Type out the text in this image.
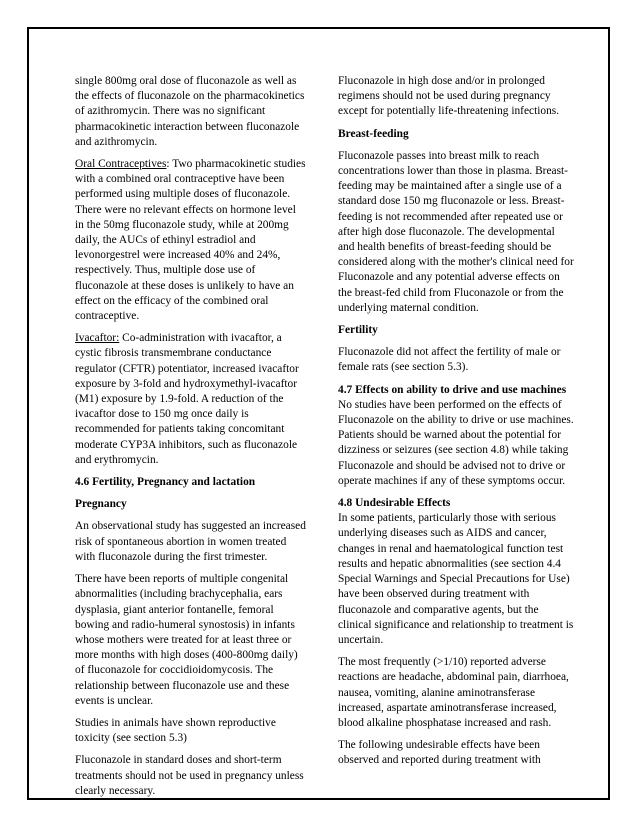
single 800mg oral dose of fluconazole as well as the effects of fluconazole on the pharmacokinetics of azithromycin. There was no significant pharmacokinetic interaction between fluconazole and azithromycin.

Oral Contraceptives: Two pharmacokinetic studies with a combined oral contraceptive have been performed using multiple doses of fluconazole. There were no relevant effects on hormone level in the 50mg fluconazole study, while at 200mg daily, the AUCs of ethinyl estradiol and levonorgestrel were increased 40% and 24%, respectively. Thus, multiple dose use of fluconazole at these doses is unlikely to have an effect on the efficacy of the combined oral contraceptive.

Ivacaftor: Co-administration with ivacaftor, a cystic fibrosis transmembrane conductance regulator (CFTR) potentiator, increased ivacaftor exposure by 3-fold and hydroxymethyl-ivacaftor (M1) exposure by 1.9-fold. A reduction of the ivacaftor dose to 150 mg once daily is recommended for patients taking concomitant moderate CYP3A inhibitors, such as fluconazole and erythromycin.

4.6 Fertility, Pregnancy and lactation
Pregnancy

An observational study has suggested an increased risk of spontaneous abortion in women treated with fluconazole during the first trimester.

There have been reports of multiple congenital abnormalities (including brachycephalia, ears dysplasia, giant anterior fontanelle, femoral bowing and radio-humeral synostosis) in infants whose mothers were treated for at least three or more months with high doses (400-800mg daily) of fluconazole for coccidioidomycosis. The relationship between fluconazole use and these events is unclear.

Studies in animals have shown reproductive toxicity (see section 5.3)

Fluconazole in standard doses and short-term treatments should not be used in pregnancy unless clearly necessary.

Fluconazole in high dose and/or in prolonged regimens should not be used during pregnancy except for potentially life-threatening infections.

Breast-feeding

Fluconazole passes into breast milk to reach concentrations lower than those in plasma. Breast- feeding may be maintained after a single use of a standard dose 150 mg fluconazole or less. Breast- feeding is not recommended after repeated use or after high dose fluconazole. The developmental and health benefits of breast-feeding should be considered along with the mother's clinical need for Fluconazole and any potential adverse effects on the breast-fed child from Fluconazole or from the underlying maternal condition.

Fertility

Fluconazole did not affect the fertility of male or female rats (see section 5.3).

4.7 Effects on ability to drive and use machines

No studies have been performed on the effects of Fluconazole on the ability to drive or use machines. Patients should be warned about the potential for dizziness or seizures (see section 4.8) while taking Fluconazole and should be advised not to drive or operate machines if any of these symptoms occur.

4.8 Undesirable Effects

In some patients, particularly those with serious underlying diseases such as AIDS and cancer, changes in renal and haematological function test results and hepatic abnormalities (see section 4.4 Special Warnings and Special Precautions for Use) have been observed during treatment with fluconazole and comparative agents, but the clinical significance and relationship to treatment is uncertain.

The most frequently (>1/10) reported adverse reactions are headache, abdominal pain, diarrhoea, nausea, vomiting, alanine aminotransferase increased, aspartate aminotransferase increased, blood alkaline phosphatase increased and rash.

The following undesirable effects have been observed and reported during treatment with
